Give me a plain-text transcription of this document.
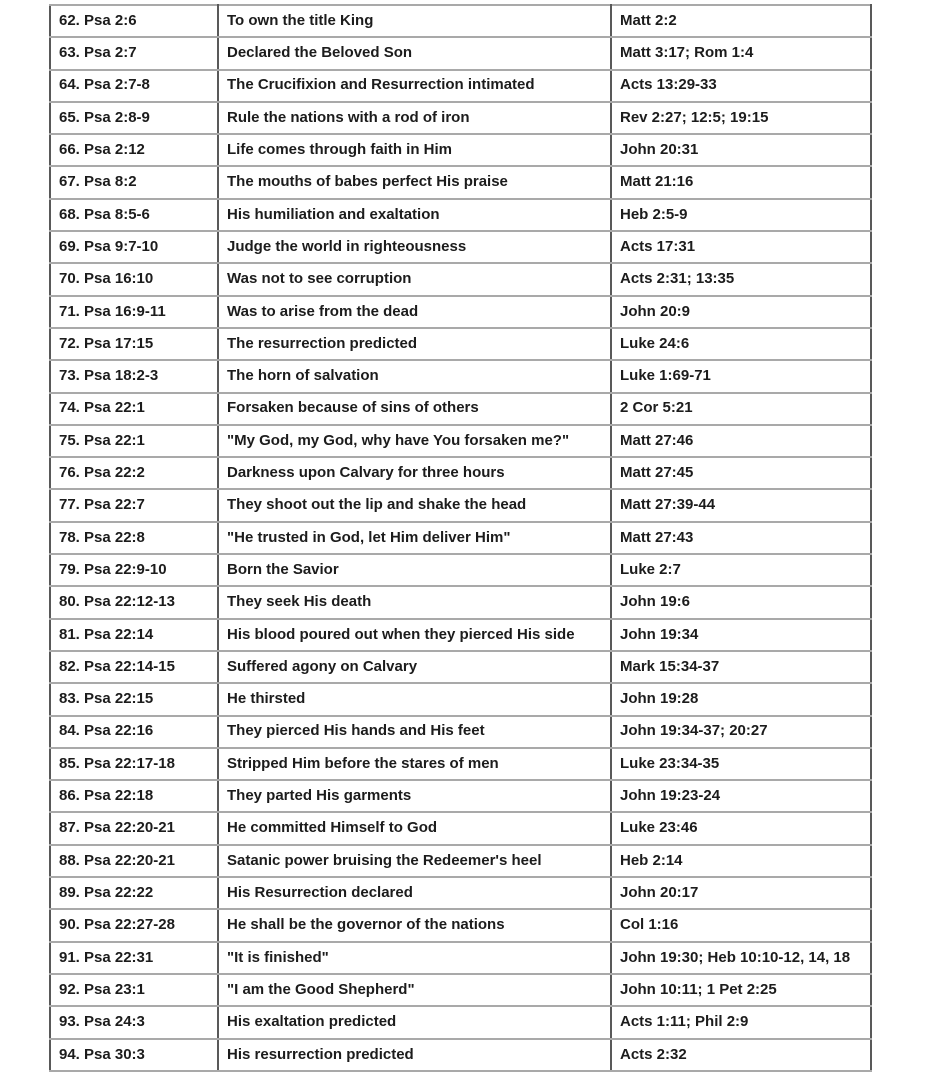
62. Psa 2:6	To own the title King	Matt 2:2
63. Psa 2:7	Declared the Beloved Son	Matt 3:17; Rom 1:4
64. Psa 2:7-8	The Crucifixion and Resurrection intimated	Acts 13:29-33
65. Psa 2:8-9	Rule the nations with a rod of iron	Rev 2:27; 12:5; 19:15
66. Psa 2:12	Life comes through faith in Him	John 20:31
67. Psa 8:2	The mouths of babes perfect His praise	Matt 21:16
68. Psa 8:5-6	His humiliation and exaltation	Heb 2:5-9
69. Psa 9:7-10	Judge the world in righteousness	Acts 17:31
70. Psa 16:10	Was not to see corruption	Acts 2:31; 13:35
71. Psa 16:9-11	Was to arise from the dead	John 20:9
72. Psa 17:15	The resurrection predicted	Luke 24:6
73. Psa 18:2-3	The horn of salvation	Luke 1:69-71
74. Psa 22:1	Forsaken because of sins of others	2 Cor 5:21
75. Psa 22:1	"My God, my God, why have You forsaken me?"	Matt 27:46
76. Psa 22:2	Darkness upon Calvary for three hours	Matt 27:45
77. Psa 22:7	They shoot out the lip and shake the head	Matt 27:39-44
78. Psa 22:8	"He trusted in God, let Him deliver Him"	Matt 27:43
79. Psa 22:9-10	Born the Savior	Luke 2:7
80. Psa 22:12-13	They seek His death	John 19:6
81. Psa 22:14	His blood poured out when they pierced His side	John 19:34
82. Psa 22:14-15	Suffered agony on Calvary	Mark 15:34-37
83. Psa 22:15	He thirsted	John 19:28
84. Psa 22:16	They pierced His hands and His feet	John 19:34-37; 20:27
85. Psa 22:17-18	Stripped Him before the stares of men	Luke 23:34-35
86. Psa 22:18	They parted His garments	John 19:23-24
87. Psa 22:20-21	He committed Himself to God	Luke 23:46
88. Psa 22:20-21	Satanic power bruising the Redeemer's heel	Heb 2:14
89. Psa 22:22	His Resurrection declared	John 20:17
90. Psa 22:27-28	He shall be the governor of the nations	Col 1:16
91. Psa 22:31	"It is finished"	John 19:30; Heb 10:10-12, 14, 18
92. Psa 23:1	"I am the Good Shepherd"	John 10:11; 1 Pet 2:25
93. Psa 24:3	His exaltation predicted	Acts 1:11; Phil 2:9
94. Psa 30:3	His resurrection predicted	Acts 2:32
